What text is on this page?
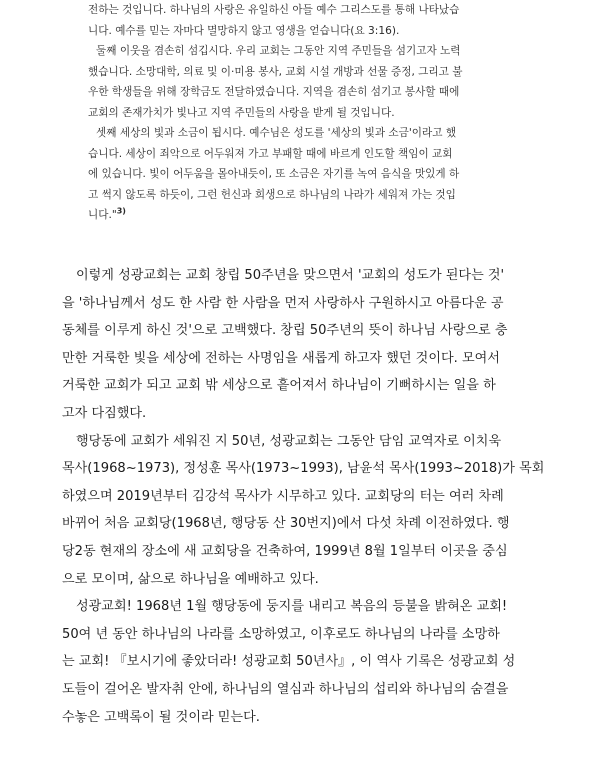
전하는 것입니다. 하나님의 사랑은 유일하신 아들 예수 그리스도를 통해 나타났습
니다. 예수를 믿는 자마다 멸망하지 않고 영생을 얻습니다(요 3:16).
둘째 이웃을 겸손히 섬깁시다. 우리 교회는 그동안 지역 주민들을 섬기고자 노력
했습니다. 소망대학, 의료 및 이·미용 봉사, 교회 시설 개방과 선물 증정, 그리고 불
우한 학생들을 위해 장학금도 전달하였습니다. 지역을 겸손히 섬기고 봉사할 때에
교회의 존재가치가 빛나고 지역 주민들의 사랑을 받게 될 것입니다.
셋째 세상의 빛과 소금이 됩시다. 예수님은 성도를 '세상의 빛과 소금'이라고 했
습니다. 세상이 죄악으로 어두워져 가고 부패할 때에 바르게 인도할 책임이 교회
에 있습니다. 빛이 어두움을 몰아내듯이, 또 소금은 자기를 녹여 음식을 맛있게 하
고 썩지 않도록 하듯이, 그런 헌신과 희생으로 하나님의 나라가 세워져 가는 것입
니다."$^{3)}$
이렇게 성광교회는 교회 창립 50주년을 맞으면서 '교회의 성도가 된다는 것'
을 '하나님께서 성도 한 사람 한 사람을 먼저 사랑하사 구원하시고 아름다운 공
동체를 이루게 하신 것'으로 고백했다. 창립 50주년의 뜻이 하나님 사랑으로 충
만한 거룩한 빛을 세상에 전하는 사명임을 새롭게 하고자 했던 것이다. 모여서
거룩한 교회가 되고 교회 밖 세상으로 흩어져서 하나님이 기뻐하시는 일을 하
고자 다짐했다.
행당동에 교회가 세워진 지 50년, 성광교회는 그동안 담임 교역자로 이치욱
목사(1968~1973), 정성훈 목사(1973~1993), 남윤석 목사(1993~2018)가 목회
하였으며 2019년부터 김강석 목사가 시무하고 있다. 교회당의 터는 여러 차례
바뀌어 처음 교회당(1968년, 행당동 산 30번지)에서 다섯 차례 이전하였다. 행
당2동 현재의 장소에 새 교회당을 건축하여, 1999년 8월 1일부터 이곳을 중심
으로 모이며, 삶으로 하나님을 예배하고 있다.
성광교회! 1968년 1월 행당동에 둥지를 내리고 복음의 등불을 밝혀온 교회!
50여 년 동안 하나님의 나라를 소망하였고, 이후로도 하나님의 나라를 소망하
는 교회! 『보시기에 좋았더라! 성광교회 50년사』, 이 역사 기록은 성광교회 성
도들이 걸어온 발자취 안에, 하나님의 열심과 하나님의 섭리와 하나님의 숨결을
수놓은 고백록이 될 것이라 믿는다.
